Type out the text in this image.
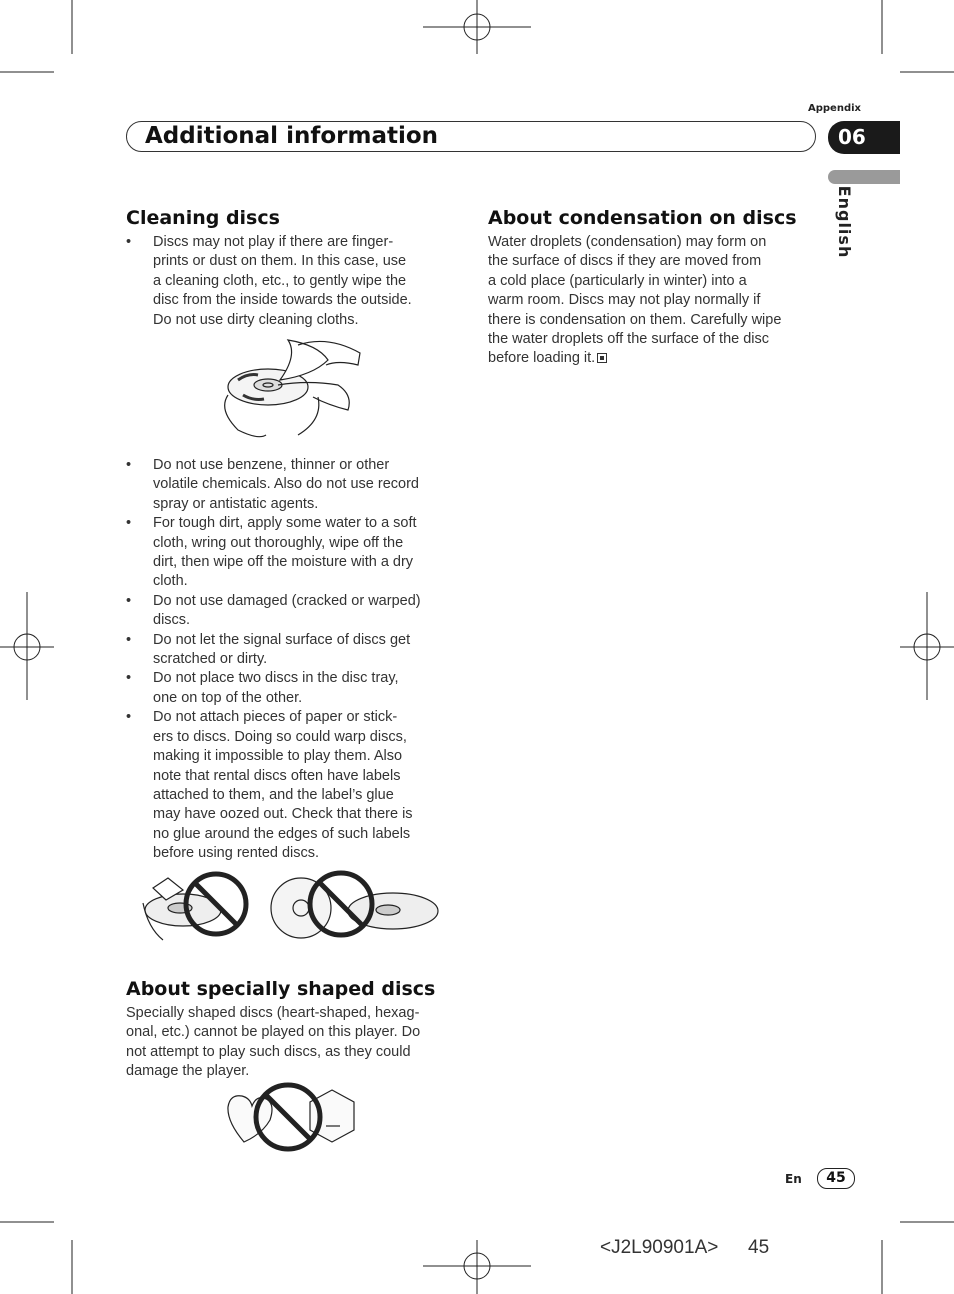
Appendix
Additional information	06
English
Cleaning discs
• Discs may not play if there are finger-
prints or dust on them. In this case, use
a cleaning cloth, etc., to gently wipe the
disc from the inside towards the outside.
Do not use dirty cleaning cloths.
• Do not use benzene, thinner or other
volatile chemicals. Also do not use record
spray or antistatic agents.
• For tough dirt, apply some water to a soft
cloth, wring out thoroughly, wipe off the
dirt, then wipe off the moisture with a dry
cloth.
• Do not use damaged (cracked or warped)
discs.
• Do not let the signal surface of discs get
scratched or dirty.
• Do not place two discs in the disc tray,
one on top of the other.
• Do not attach pieces of paper or stick-
ers to discs. Doing so could warp discs,
making it impossible to play them. Also
note that rental discs often have labels
attached to them, and the label’s glue
may have oozed out. Check that there is
no glue around the edges of such labels
before using rented discs.
About specially shaped discs
Specially shaped discs (heart-shaped, hexag-
onal, etc.) cannot be played on this player. Do
not attempt to play such discs, as they could
damage the player.
About condensation on discs
Water droplets (condensation) may form on
the surface of discs if they are moved from
a cold place (particularly in winter) into a
warm room. Discs may not play normally if
there is condensation on them. Carefully wipe
the water droplets off the surface of the disc
before loading it.
En	45
<J2L90901A> 45
